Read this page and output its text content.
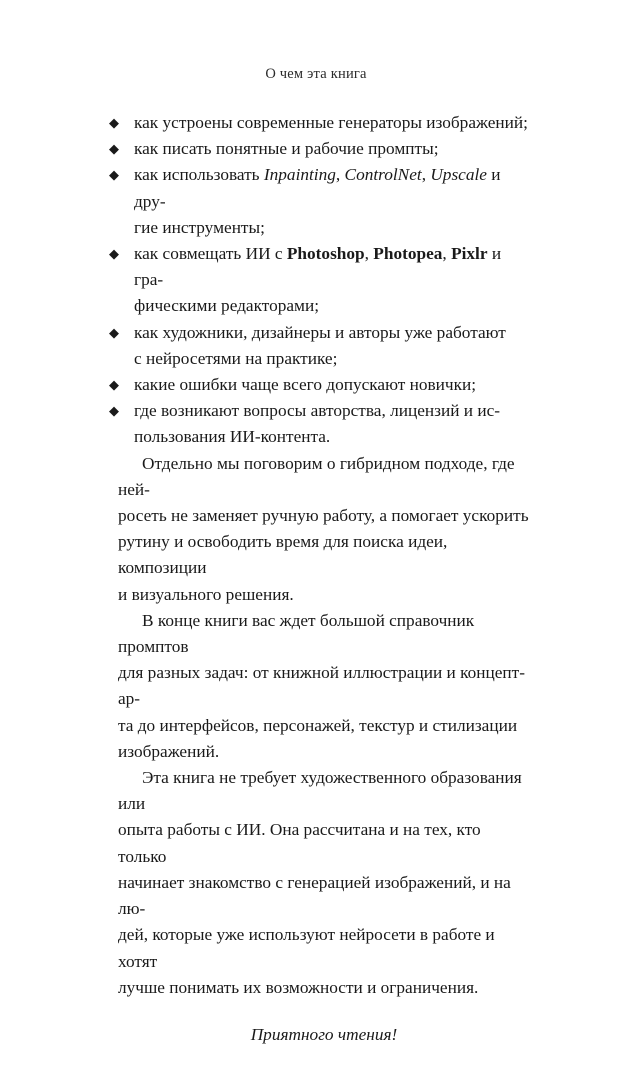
О чем эта книга
◆ как устроены современные генераторы изображений;
◆ как писать понятные и рабочие промпты;
◆ как использовать Inpainting, ControlNet, Upscale и дру-
гие инструменты;
◆ как совмещать ИИ с Photoshop, Photopea, Pixlr и гра-
фическими редакторами;
◆ как художники, дизайнеры и авторы уже работают
с нейросетями на практике;
◆ какие ошибки чаще всего допускают новички;
◆ где возникают вопросы авторства, лицензий и ис-
пользования ИИ-контента.

Отдельно мы поговорим о гибридном подходе, где ней-
росеть не заменяет ручную работу, а помогает ускорить
рутину и освободить время для поиска идеи, композиции
и визуального решения.

В конце книги вас ждет большой справочник промптов
для разных задач: от книжной иллюстрации и концепт-ар-
та до интерфейсов, персонажей, текстур и стилизации
изображений.

Эта книга не требует художественного образования или
опыта работы с ИИ. Она рассчитана и на тех, кто только
начинает знакомство с генерацией изображений, и на лю-
дей, которые уже используют нейросети в работе и хотят
лучше понимать их возможности и ограничения.

Приятного чтения!
